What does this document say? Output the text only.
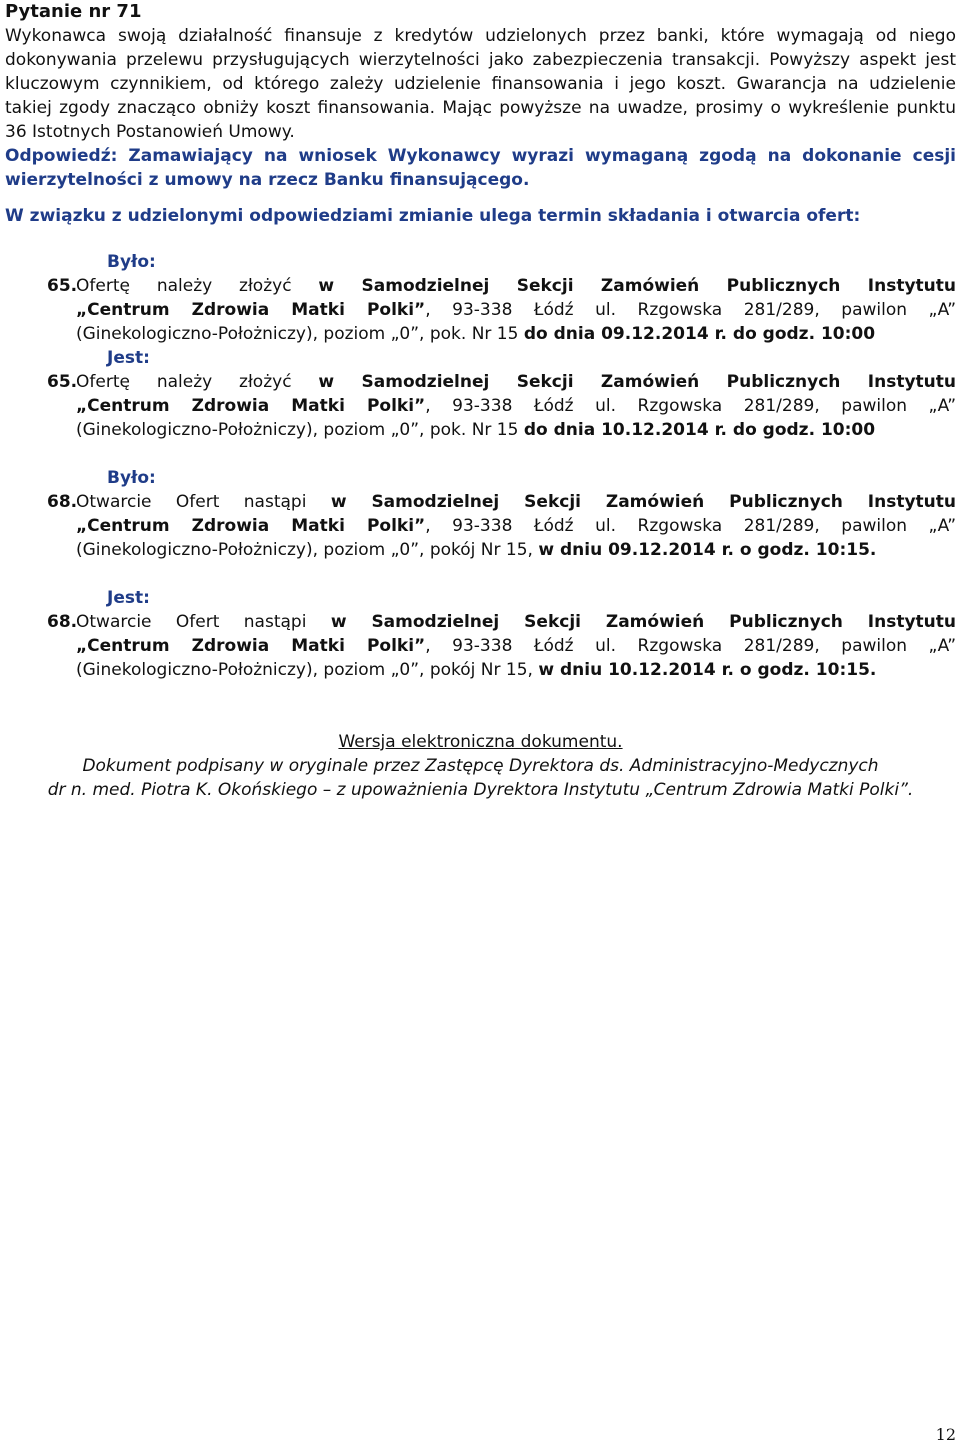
Pytanie nr 71
Wykonawca swoją działalność finansuje z kredytów udzielonych przez banki, które wymagają od niego
dokonywania przelewu przysługujących wierzytelności jako zabezpieczenia transakcji. Powyższy aspekt jest
kluczowym czynnikiem, od którego zależy udzielenie finansowania i jego koszt. Gwarancja na udzielenie
takiej zgody znacząco obniży koszt finansowania. Mając powyższe na uwadze, prosimy o wykreślenie punktu
36 Istotnych Postanowień Umowy.
Odpowiedź: Zamawiający na wniosek Wykonawcy wyrazi wymaganą zgodą na dokonanie cesji
wierzytelności z umowy na rzecz Banku finansującego.
W związku z udzielonymi odpowiedziami zmianie ulega termin składania i otwarcia ofert:
Było:
65.
Ofertę należy złożyć w Samodzielnej Sekcji Zamówień Publicznych Instytutu
„Centrum Zdrowia Matki Polki”, 93-338 Łódź ul. Rzgowska 281/289, pawilon „A”
(Ginekologiczno-Położniczy), poziom „0”, pok. Nr 15 do dnia 09.12.2014 r. do godz. 10:00
Jest:
65.
Ofertę należy złożyć w Samodzielnej Sekcji Zamówień Publicznych Instytutu
„Centrum Zdrowia Matki Polki”, 93-338 Łódź ul. Rzgowska 281/289, pawilon „A”
(Ginekologiczno-Położniczy), poziom „0”, pok. Nr 15 do dnia 10.12.2014 r. do godz. 10:00
Było:
68.
Otwarcie Ofert nastąpi w Samodzielnej Sekcji Zamówień Publicznych Instytutu
„Centrum Zdrowia Matki Polki”, 93-338 Łódź ul. Rzgowska 281/289, pawilon „A”
(Ginekologiczno-Położniczy), poziom „0”, pokój Nr 15, w dniu 09.12.2014 r. o godz. 10:15.
Jest:
68.
Otwarcie Ofert nastąpi w Samodzielnej Sekcji Zamówień Publicznych Instytutu
„Centrum Zdrowia Matki Polki”, 93-338 Łódź ul. Rzgowska 281/289, pawilon „A”
(Ginekologiczno-Położniczy), poziom „0”, pokój Nr 15, w dniu 10.12.2014 r. o godz. 10:15.
Wersja elektroniczna dokumentu.
Dokument podpisany w oryginale przez Zastępcę Dyrektora ds. Administracyjno-Medycznych
dr n. med. Piotra K. Okońskiego – z upoważnienia Dyrektora Instytutu „Centrum Zdrowia Matki Polki”.
12
